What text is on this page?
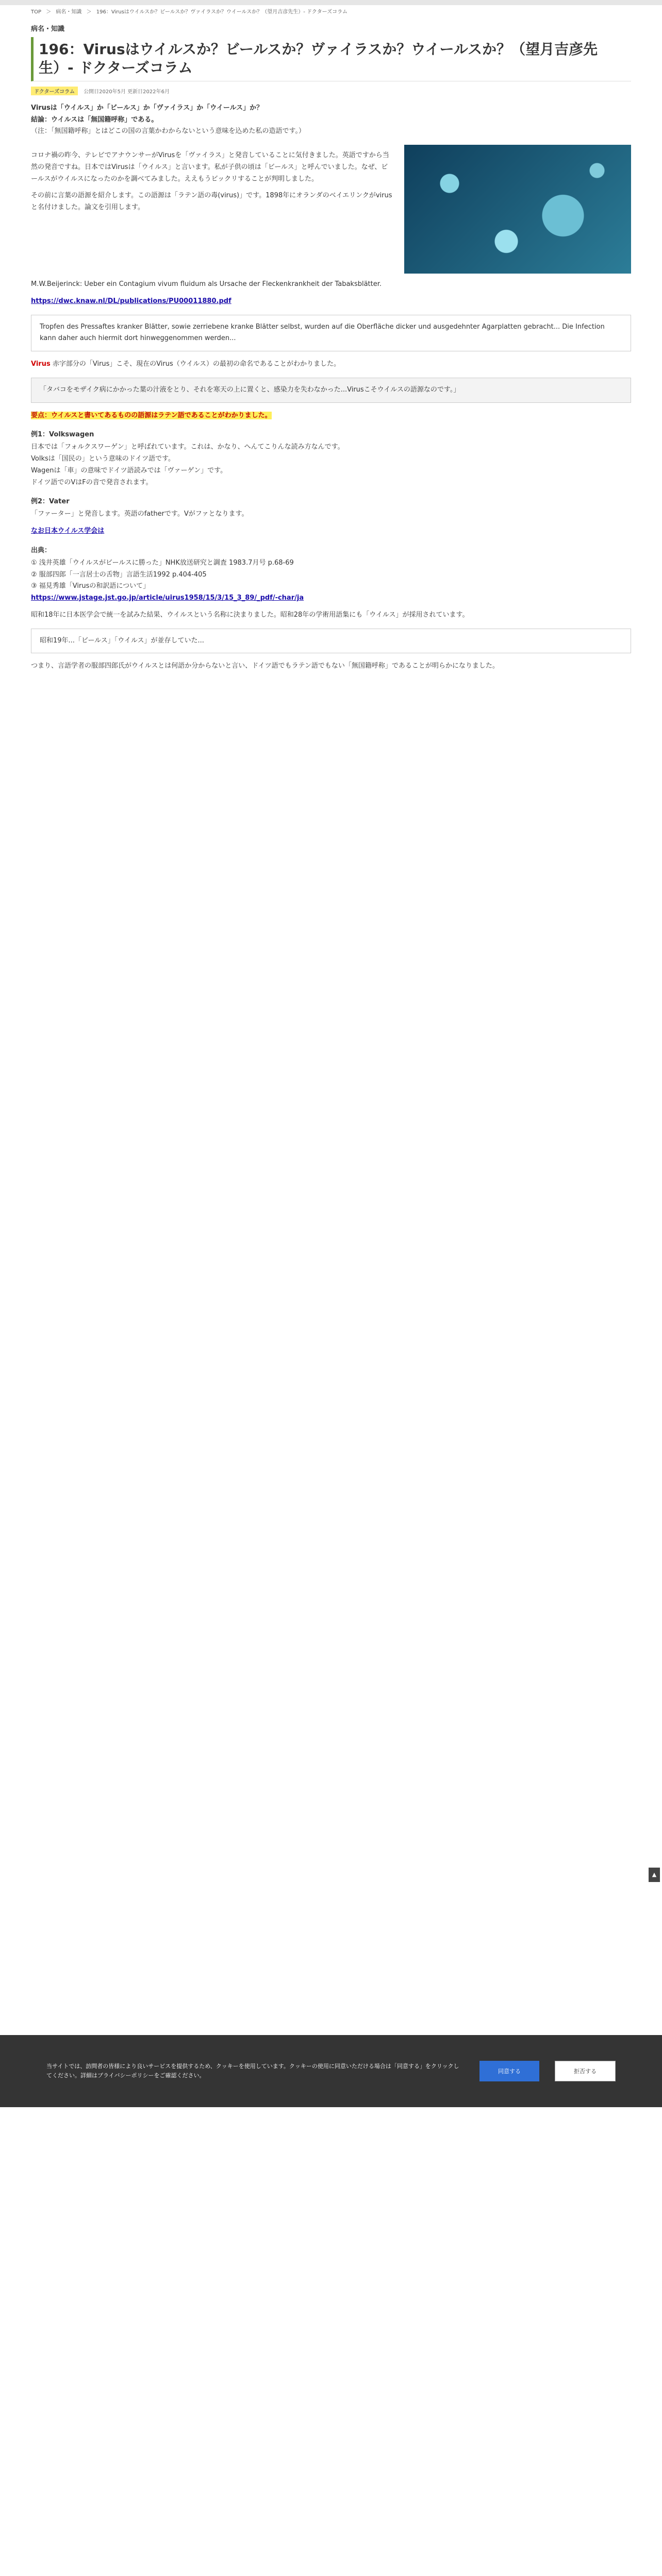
TOP ＞ 病名・知識 ＞ 196：Virusはウイルスか？ビールスか？ヴァイラスか？ウイールスか？（望月吉彦先生）- ドクターズコラム
病名・知識
196：Virusはウイルスか？ビールスか？ヴァイラスか？ウイールスか？（望月吉彦先生）- ドクターズコラム
ドクターズコラム 公開日2020年5月 更新日2022年6月
Virusは「ウイルス」か「ビールス」か「ヴァイラス」か「ウイールス」か？
結論：ウイルスは「無国籍呼称」である。
（注：「無国籍呼称」とはどこの国の言葉かわからないという意味を込めた私の造語です。）

コロナ禍の昨今、テレビでアナウンサーがVirusを「ヴァイラス」と発音していることに気付きました。英語ですから当然の発音ですね。日本ではVirusは「ウイルス」と言います。私が子供の頃は「ビールス」と呼んでいました。なぜ、ビールスがウイルスになったのかを調べてみました。ええもうビックリすることが判明しました。

その前に言葉の語源を紹介します。この語源は「ラテン語の毒(virus)」です。1898年にオランダのベイエリンクがvirusと名付けました。論文を引用します。

M.W.Beijerinck: Ueber ein Contagium vivum fluidum als Ursache der Fleckenkrankheit der Tabaksblätter.

https://dwc.knaw.nl/DL/publications/PU00011880.pdf

Tropfen des Pressaftes kranker Blätter, sowie zerriebene kranke Blätter selbst, wurden auf die Oberfläche dicker und ausgedehnter Agarplatten gebracht... Die Infection kann daher auch hiermit dort hinweggenommen werden...

Virus 赤字部分の「Virus」こそ、現在のVirus（ウイルス）の最初の命名であることがわかりました。

「タバコをモザイク病にかかった葉の汁液をとり、それを寒天の上に置くと、感染力を失わなかった...Virusこそウイルスの語源なのです。」

要点：ウイルスと書いてあるものの語源はラテン語であることがわかりました。

例1：Volkswagen
日本では「フォルクスワーゲン」と呼ばれています。これは、かなり、へんてこりんな読み方なんです。
Volksは「国民の」という意味のドイツ語です。
Wagenは「車」の意味でドイツ語読みでは「ヴァーゲン」です。
ドイツ語でのVはFの音で発音されます。
例2：Vater
「ファーター」と発音します。英語のfatherです。Vがファとなります。

なお日本ウイルス学会は

出典：
① 浅井英雄「ウイルスがビールスに勝った」NHK放送研究と調査 1983.7月号 p.68-69
② 服部四郎「一言居士の舌物」言語生活1992 p.404-405
③ 福見秀雄「Virusの和訳語について」
https://www.jstage.jst.go.jp/article/uirus1958/15/3/15_3_89/_pdf/-char/ja

昭和18年に日本医学会で統一を試みた結果、ウイルスという名称に決まりました。昭和28年の学術用語集にも「ウイルス」が採用されています。

昭和19年...「ビールス」「ウイルス」が並存していた...

つまり、言語学者の服部四郎氏がウイルスとは何語か分からないと言い、ドイツ語でもラテン語でもない「無国籍呼称」であることが明らかになりました。

▲
当サイトでは、訪問者の皆様により良いサービスを提供するため、クッキーを使用しています。クッキーの使用に同意いただける場合は「同意する」をクリックしてください。詳細はプライバシーポリシーをご確認ください。
同意する	拒否する
